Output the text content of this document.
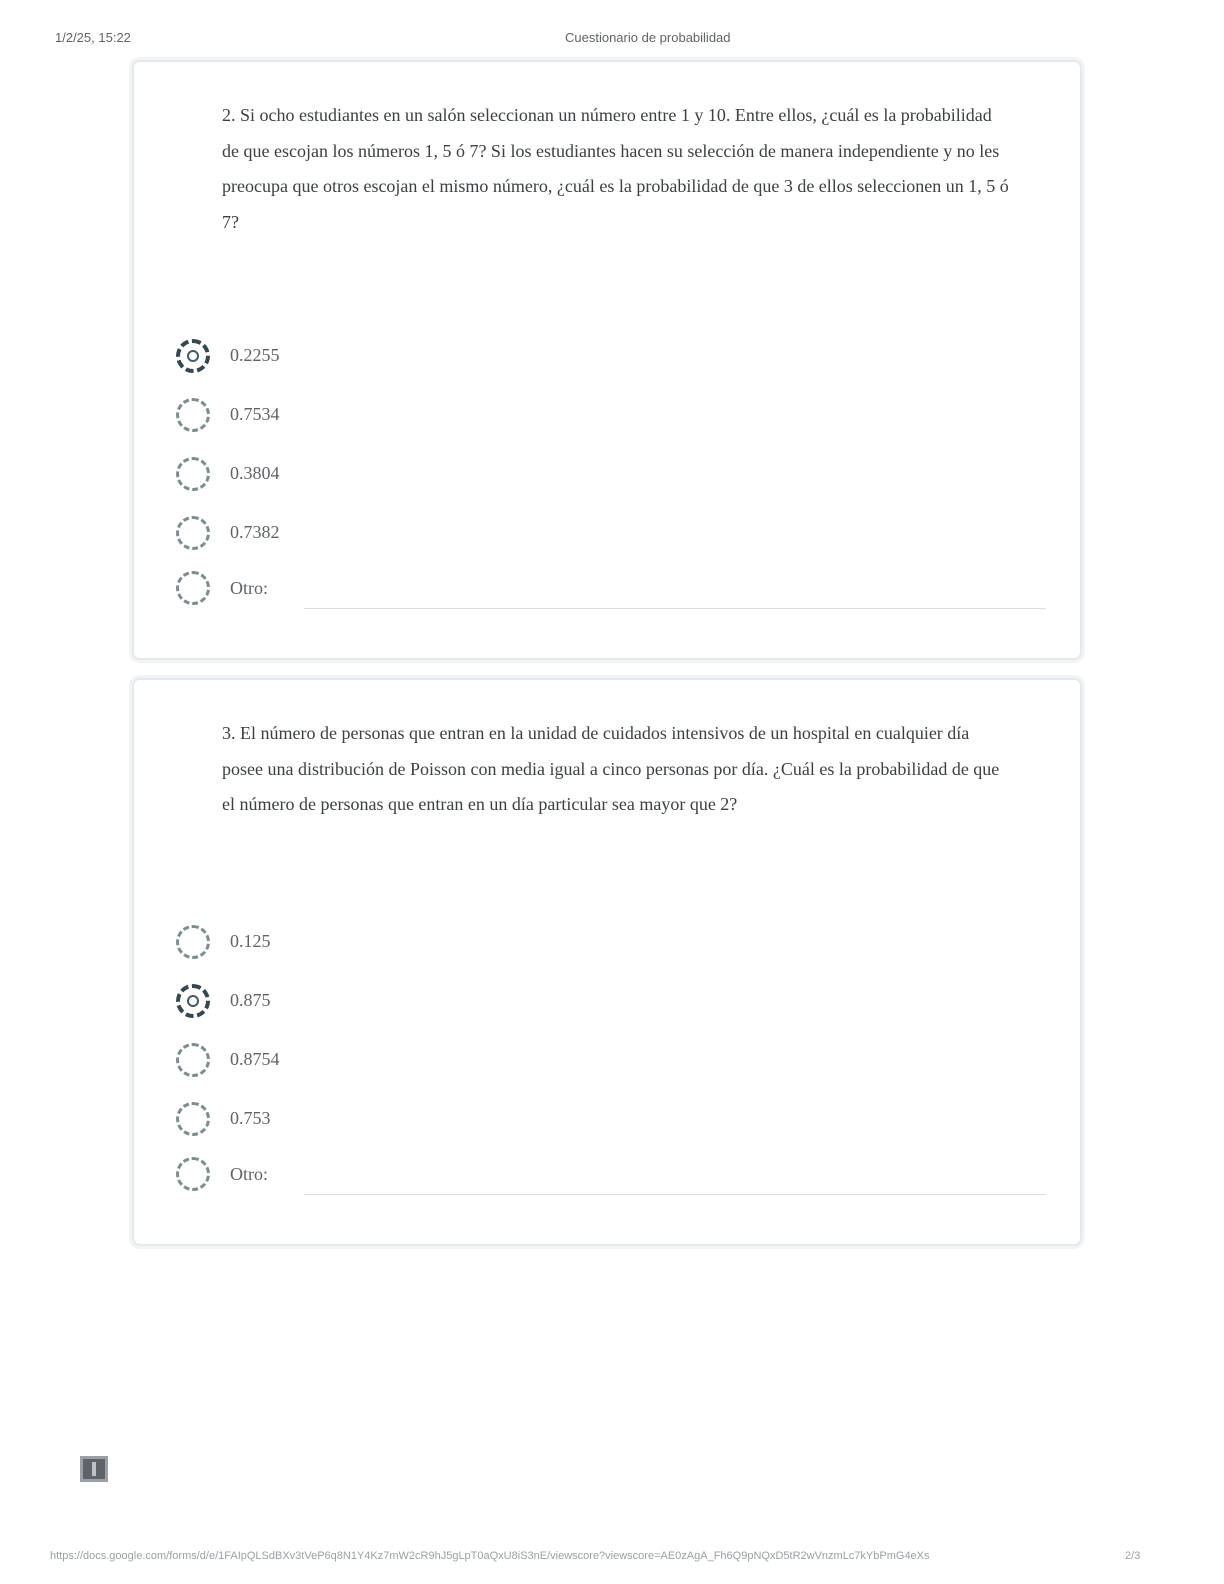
1/2/25, 15:22	Cuestionario de probabilidad
2. Si ocho estudiantes en un salón seleccionan un número entre 1 y 10. Entre ellos, ¿cuál es la probabilidad de que escojan los números 1, 5 ó 7? Si los estudiantes hacen su selección de manera independiente y no les preocupa que otros escojan el mismo número, ¿cuál es la probabilidad de que 3 de ellos seleccionen un 1, 5 ó 7?
0.2255
0.7534
0.3804
0.7382
Otro:
3. El número de personas que entran en la unidad de cuidados intensivos de un hospital en cualquier día posee una distribución de Poisson con media igual a cinco personas por día. ¿Cuál es la probabilidad de que el número de personas que entran en un día particular sea mayor que 2?
0.125
0.875
0.8754
0.753
Otro:
https://docs.google.com/forms/d/e/1FAIpQLSdBXv3tVeP6q8N1Y4Kz7mW2cR9hJ5gLpT0aQxU8iS3nE/viewscore?viewscore=AE0zAgA_Fh6Q9pNQxD5tR2wVnzmLc7kYbPmG4eXs	2/3
